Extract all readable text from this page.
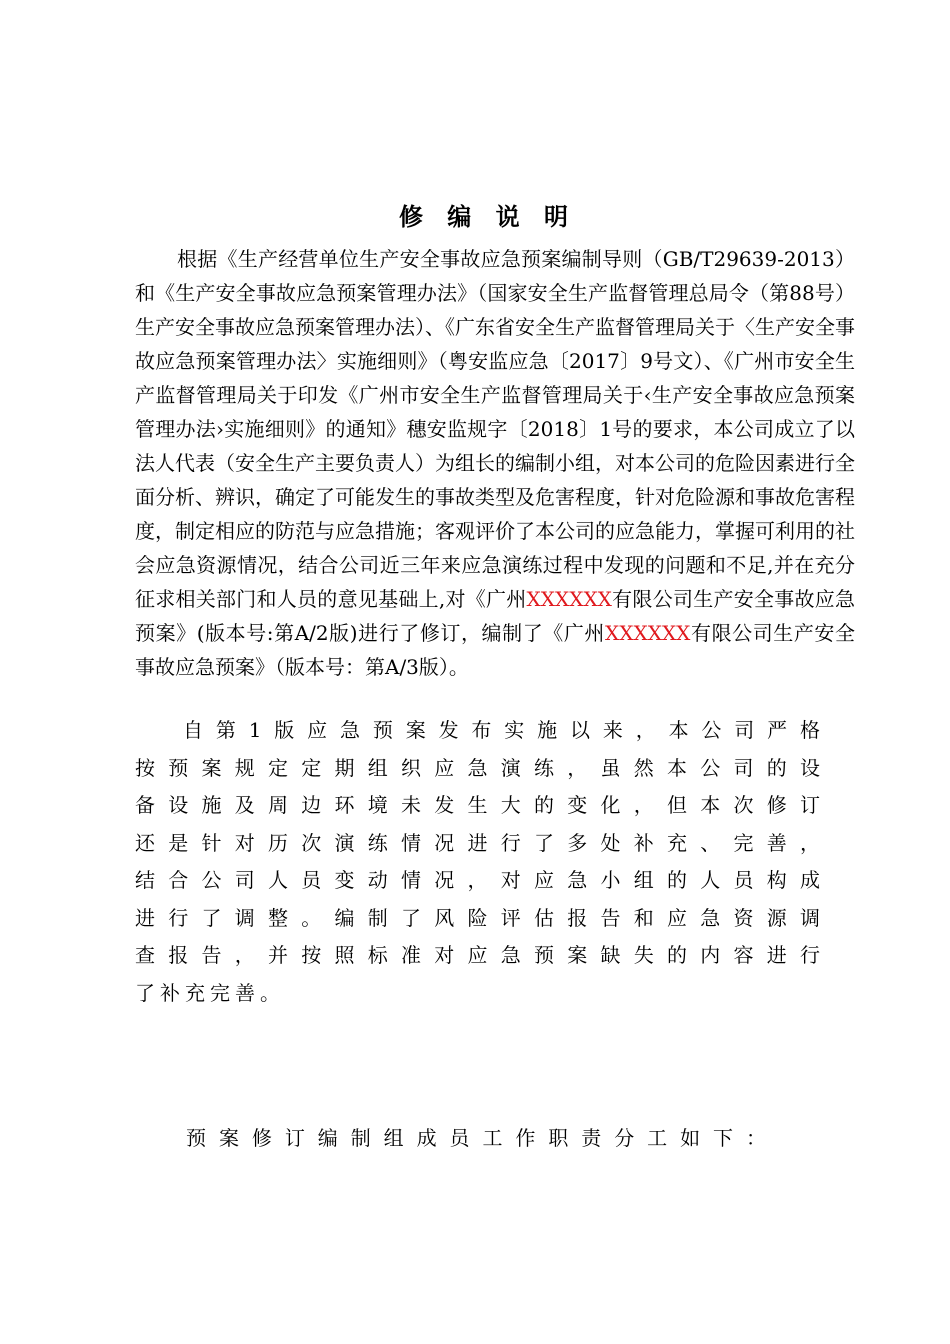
修 编 说 明

根据《生产经营单位生产安全事故应急预案编制导则（GB/T29639-2013）和《生产安全事故应急预案管理办法》（国家安全生产监督管理总局令（第88号）生产安全事故应急预案管理办法）、《广东省安全生产监督管理局关于〈生产安全事故应急预案管理办法〉实施细则》（粤安监应急〔2017〕9号文）、《广州市安全生产监督管理局关于印发《广州市安全生产监督管理局关于‹生产安全事故应急预案管理办法›实施细则》的通知》穗安监规字〔2018〕1号的要求，本公司成立了以法人代表（安全生产主要负责人）为组长的编制小组，对本公司的危险因素进行全面分析、辨识，确定了可能发生的事故类型及危害程度，针对危险源和事故危害程度，制定相应的防范与应急措施；客观评价了本公司的应急能力，掌握可利用的社会应急资源情况，结合公司近三年来应急演练过程中发现的问题和不足,并在充分征求相关部门和人员的意见基础上,对《广州XXXXXX有限公司生产安全事故应急预案》(版本号:第A/2版)进行了修订，编制了《广州XXXXXX有限公司生产安全事故应急预案》（版本号：第A/3版）。

自第1版应急预案发布实施以来，本公司严格
按预案规定定期组织应急演练，虽然本公司的设
备设施及周边环境未发生大的变化，但本次修订
还是针对历次演练情况进行了多处补充、完善，
结合公司人员变动情况，对应急小组的人员构成
进行了调整。编制了风险评估报告和应急资源调
查报告，并按照标准对应急预案缺失的内容进行
了补充完善。

预案修订编制组成员工作职责分工如下：
